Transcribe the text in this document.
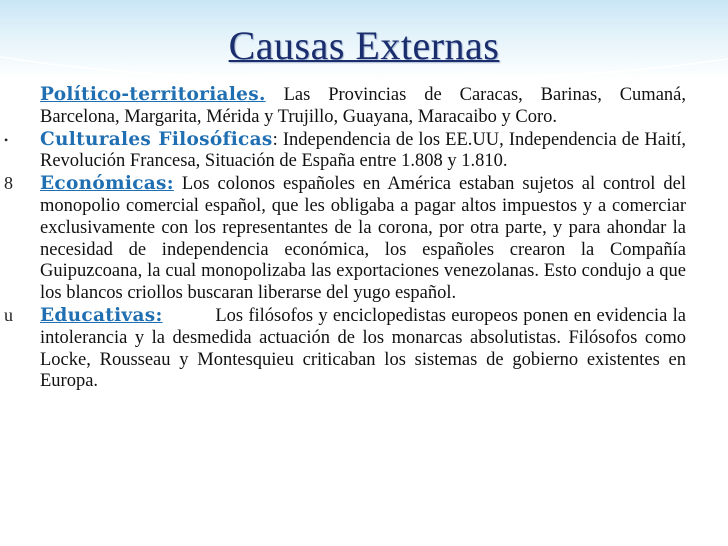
Causas Externas

Político-territoriales. Las Provincias de Caracas, Barinas, Cumaná, Barcelona, Margarita, Mérida y Trujillo, Guayana, Maracaibo y Coro.

•	Culturales Filosóficas: Independencia de los EE.UU, Independencia de Haití, Revolución Francesa, Situación de España entre 1.808 y 1.810.

8	Económicas: Los colonos españoles en América estaban sujetos al control del monopolio comercial español, que les obligaba a pagar altos impuestos y a comerciar exclusivamente con los representantes de la corona, por otra parte, y para ahondar la necesidad de independencia económica, los españoles crearon la Compañía Guipuzcoana, la cual monopolizaba las exportaciones venezolanas. Esto condujo a que los blancos criollos buscaran liberarse del yugo español.

u	Educativas:          Los filósofos y enciclopedistas europeos ponen en evidencia la intolerancia y la desmedida actuación de los monarcas absolutistas. Filósofos como Locke, Rousseau y Montesquieu criticaban los sistemas de gobierno existentes en Europa.
